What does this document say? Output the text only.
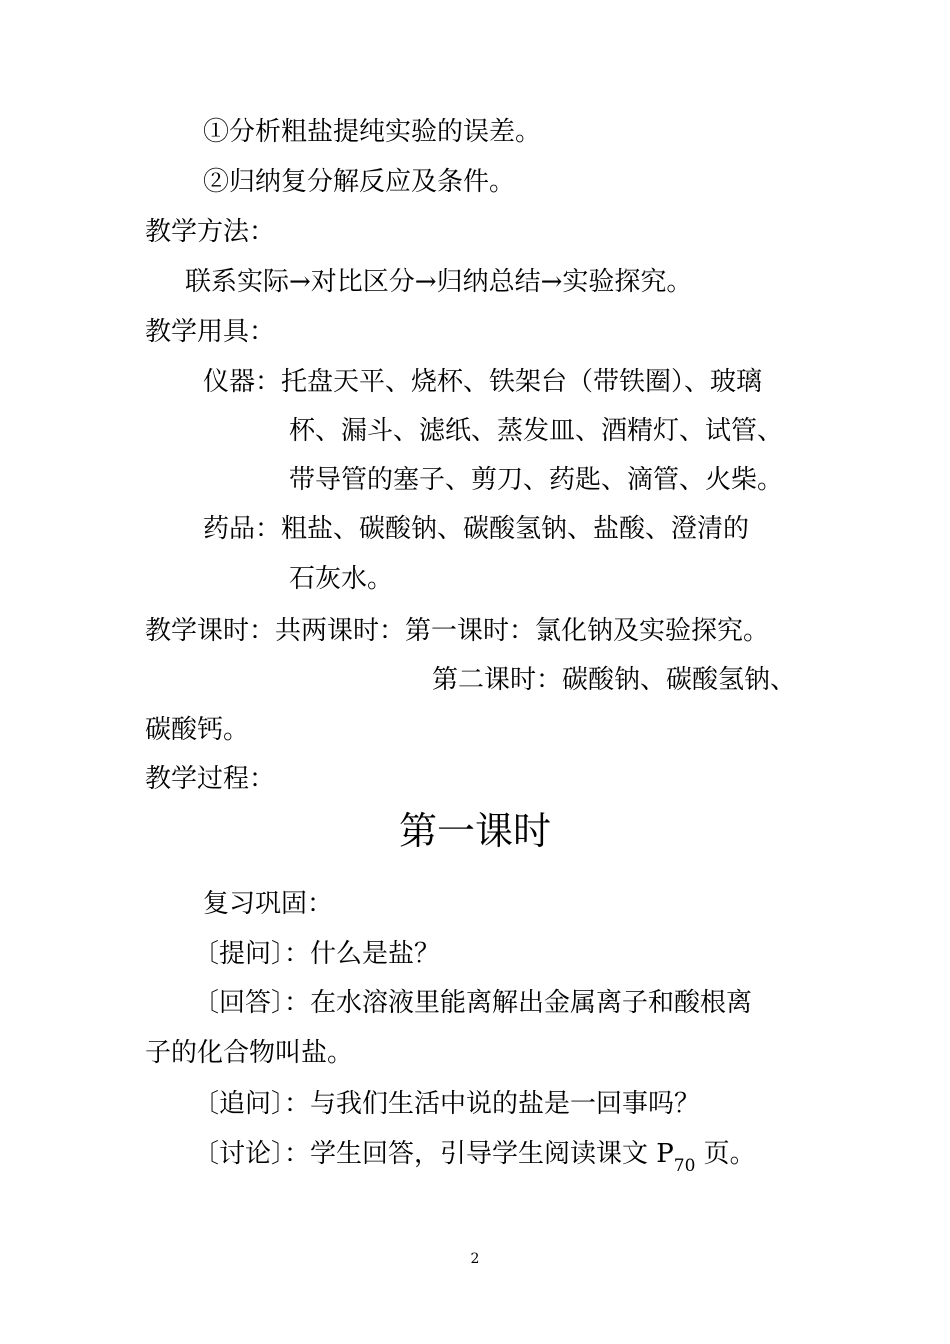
①分析粗盐提纯实验的误差。
②归纳复分解反应及条件。
教学方法：
联系实际→对比区分→归纳总结→实验探究。
教学用具：
仪器：托盘天平、烧杯、铁架台（带铁圈）、玻璃
杯、漏斗、滤纸、蒸发皿、酒精灯、试管、
带导管的塞子、剪刀、药匙、滴管、火柴。
药品：粗盐、碳酸钠、碳酸氢钠、盐酸、澄清的
石灰水。
教学课时：共两课时：第一课时：氯化钠及实验探究。
第二课时：碳酸钠、碳酸氢钠、
碳酸钙。
教学过程：
第一课时
复习巩固：
〔提问〕：什么是盐？
〔回答〕：在水溶液里能离解出金属离子和酸根离
子的化合物叫盐。
〔追问〕：与我们生活中说的盐是一回事吗？
〔讨论〕：学生回答，引导学生阅读课文 $P_{70}$ 页。
2
